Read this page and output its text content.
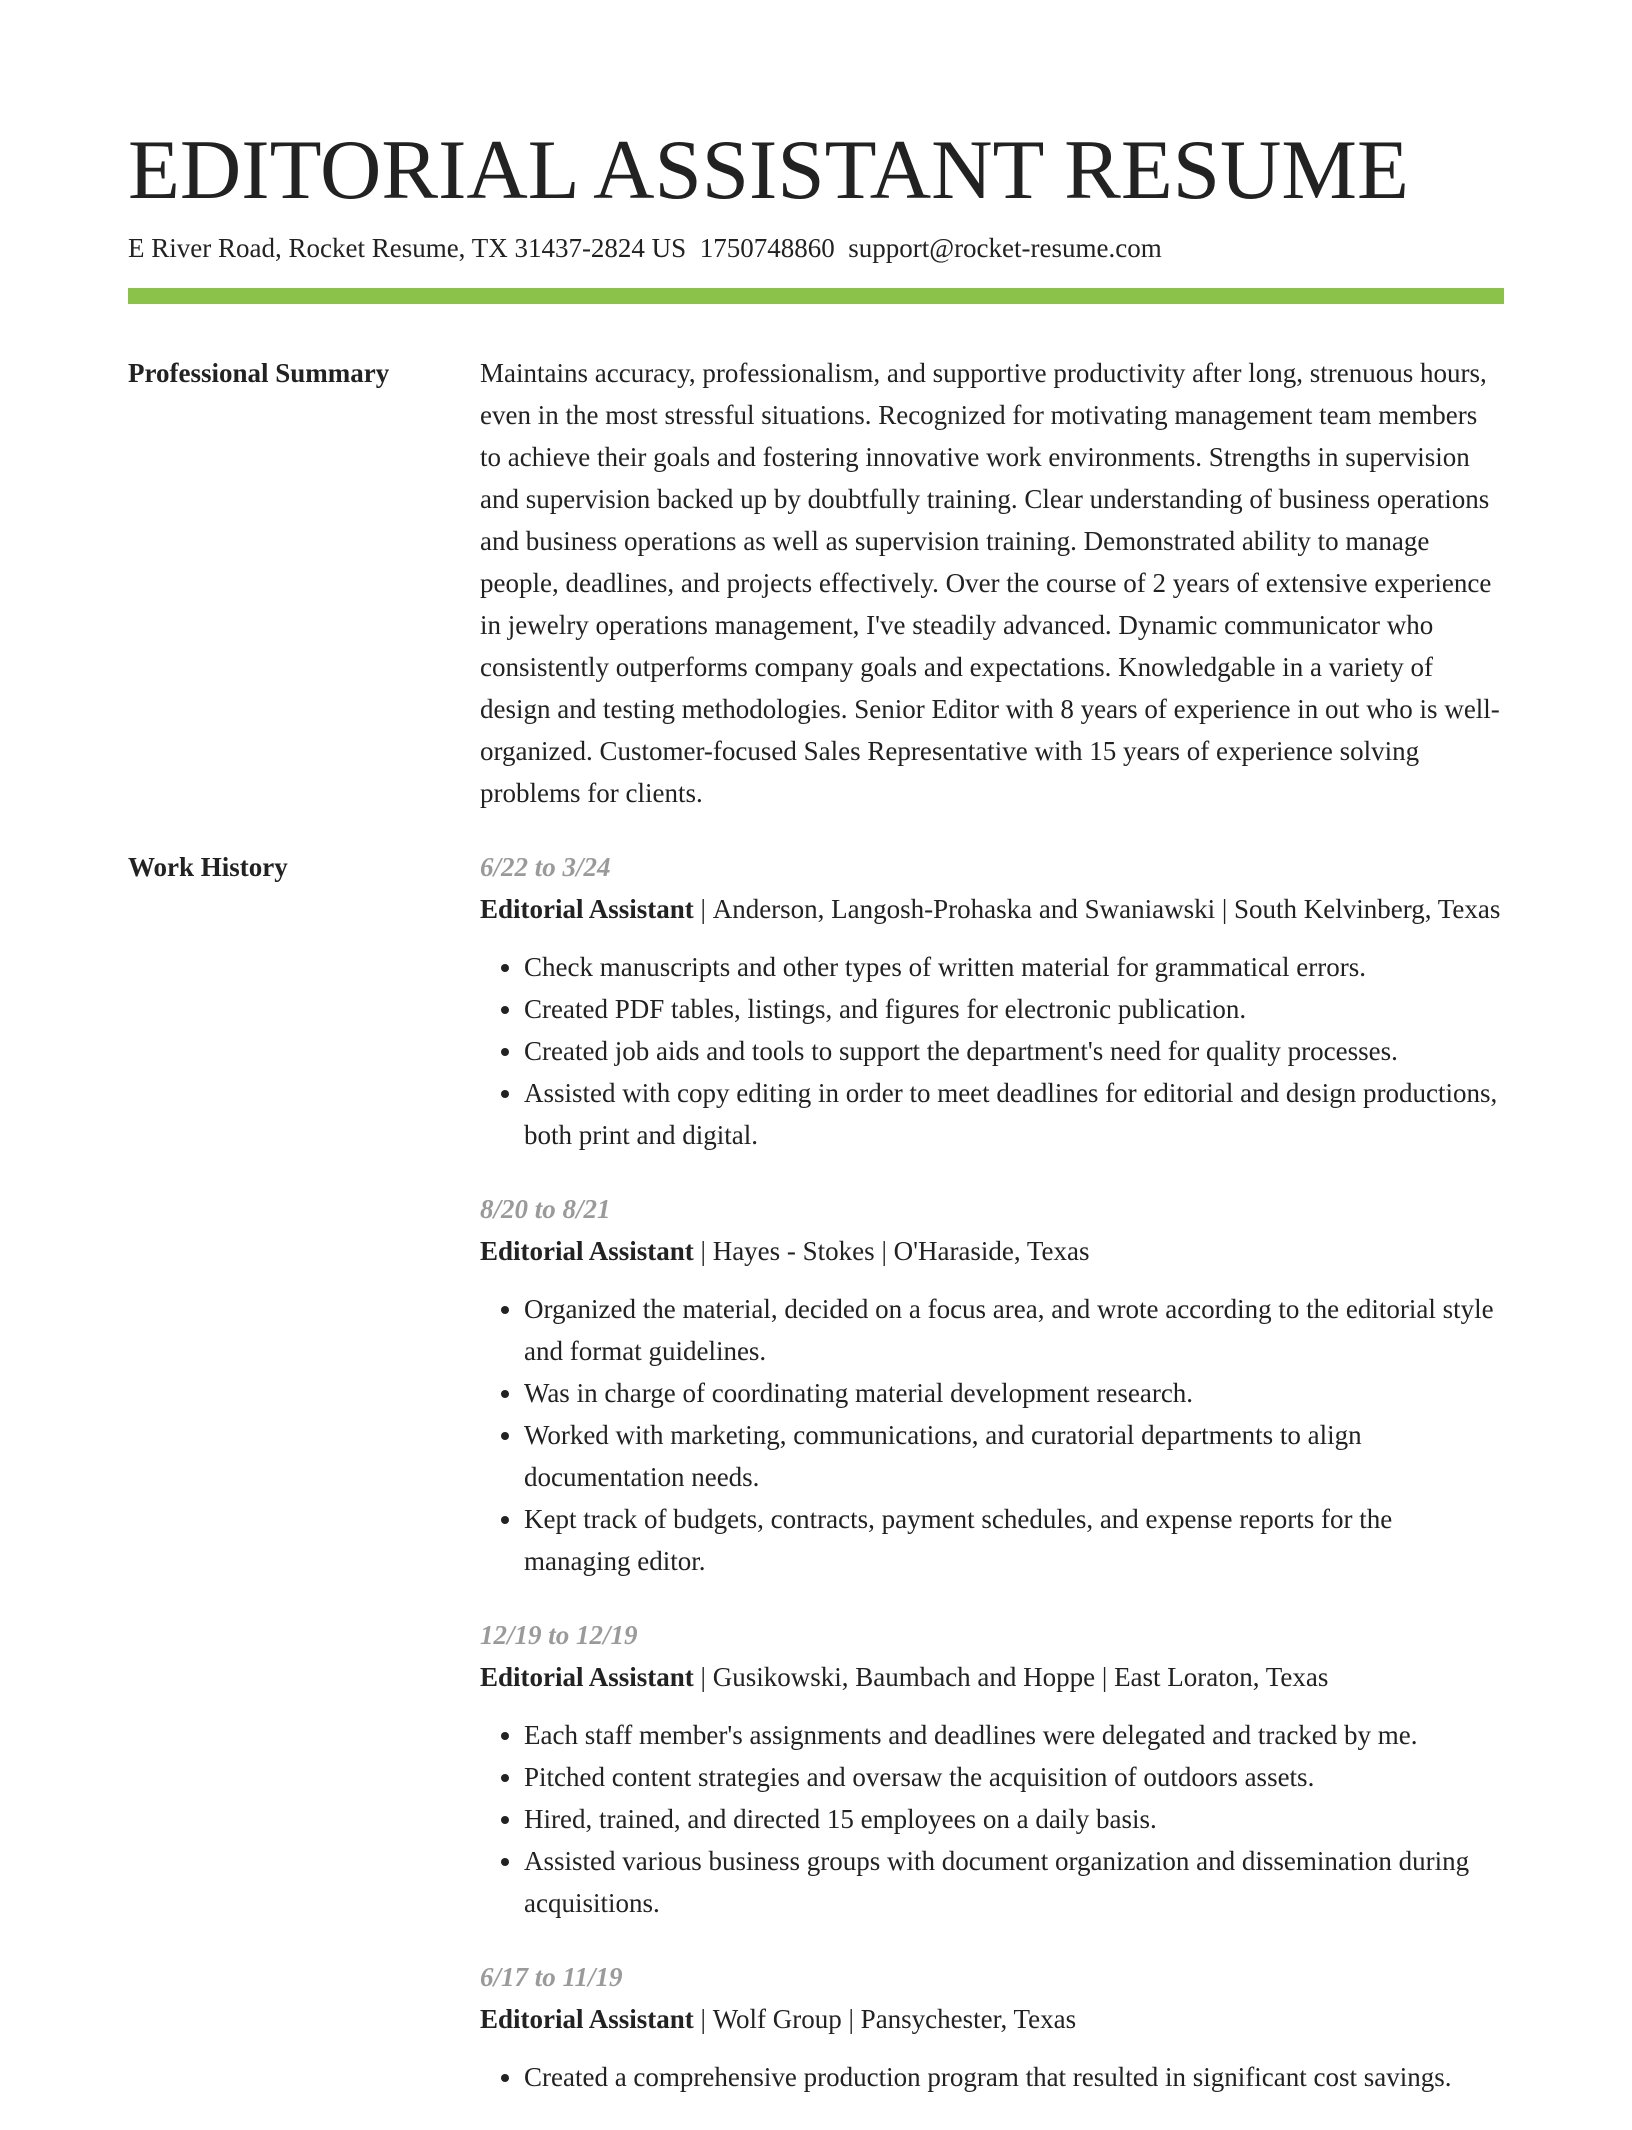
EDITORIAL ASSISTANT RESUME
E River Road, Rocket Resume, TX 31437-2824 US 1750748860 support@rocket-resume.com
Professional Summary	Maintains accuracy, professionalism, and supportive productivity after long, strenuous hours, even in the most stressful situations. Recognized for motivating management team members to achieve their goals and fostering innovative work environments. Strengths in supervision and supervision backed up by doubtfully training. Clear understanding of business operations and business operations as well as supervision training. Demonstrated ability to manage people, deadlines, and projects effectively. Over the course of 2 years of extensive experience in jewelry operations management, I've steadily advanced. Dynamic communicator who consistently outperforms company goals and expectations. Knowledgable in a variety of design and testing methodologies. Senior Editor with 8 years of experience in out who is well-organized. Customer-focused Sales Representative with 15 years of experience solving problems for clients.

Work History	6/22 to 3/24
Editorial Assistant | Anderson, Langosh-Prohaska and Swaniawski | South Kelvinberg, Texas
• Check manuscripts and other types of written material for grammatical errors.
• Created PDF tables, listings, and figures for electronic publication.
• Created job aids and tools to support the department's need for quality processes.
• Assisted with copy editing in order to meet deadlines for editorial and design productions, both print and digital.
8/20 to 8/21
Editorial Assistant | Hayes - Stokes | O'Haraside, Texas
• Organized the material, decided on a focus area, and wrote according to the editorial style and format guidelines.
• Was in charge of coordinating material development research.
• Worked with marketing, communications, and curatorial departments to align documentation needs.
• Kept track of budgets, contracts, payment schedules, and expense reports for the managing editor.
12/19 to 12/19
Editorial Assistant | Gusikowski, Baumbach and Hoppe | East Loraton, Texas
• Each staff member's assignments and deadlines were delegated and tracked by me.
• Pitched content strategies and oversaw the acquisition of outdoors assets.
• Hired, trained, and directed 15 employees on a daily basis.
• Assisted various business groups with document organization and dissemination during acquisitions.
6/17 to 11/19
Editorial Assistant | Wolf Group | Pansychester, Texas
• Created a comprehensive production program that resulted in significant cost savings.
